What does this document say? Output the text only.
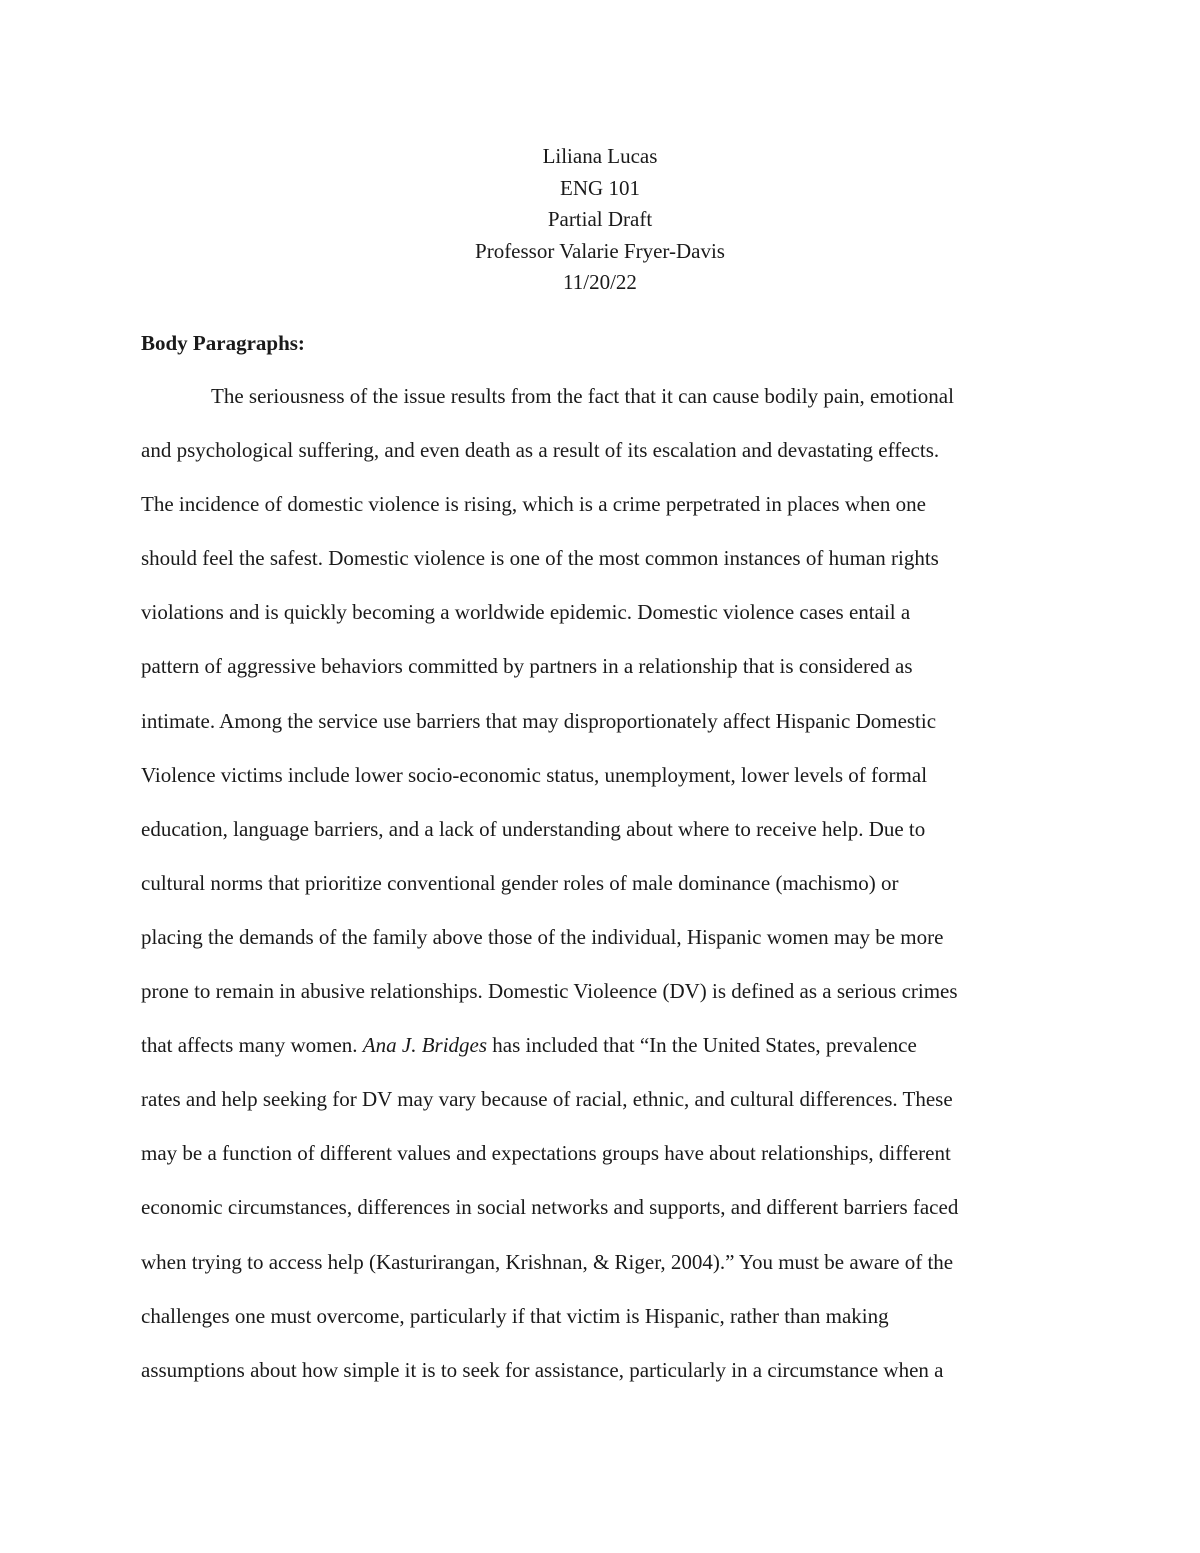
Liliana Lucas
ENG 101
Partial Draft
Professor Valarie Fryer-Davis
11/20/22
Body Paragraphs:
The seriousness of the issue results from the fact that it can cause bodily pain, emotional
and psychological suffering, and even death as a result of its escalation and devastating effects.
The incidence of domestic violence is rising, which is a crime perpetrated in places when one
should feel the safest. Domestic violence is one of the most common instances of human rights
violations and is quickly becoming a worldwide epidemic. Domestic violence cases entail a
pattern of aggressive behaviors committed by partners in a relationship that is considered as
intimate. Among the service use barriers that may disproportionately affect Hispanic Domestic
Violence victims include lower socio-economic status, unemployment, lower levels of formal
education, language barriers, and a lack of understanding about where to receive help. Due to
cultural norms that prioritize conventional gender roles of male dominance (machismo) or
placing the demands of the family above those of the individual, Hispanic women may be more
prone to remain in abusive relationships. Domestic Violeence (DV) is defined as a serious crimes
that affects many women. Ana J. Bridges has included that “In the United States, prevalence
rates and help seeking for DV may vary because of racial, ethnic, and cultural differences. These
may be a function of different values and expectations groups have about relationships, different
economic circumstances, differences in social networks and supports, and different barriers faced
when trying to access help (Kasturirangan, Krishnan, & Riger, 2004).” You must be aware of the
challenges one must overcome, particularly if that victim is Hispanic, rather than making
assumptions about how simple it is to seek for assistance, particularly in a circumstance when a
